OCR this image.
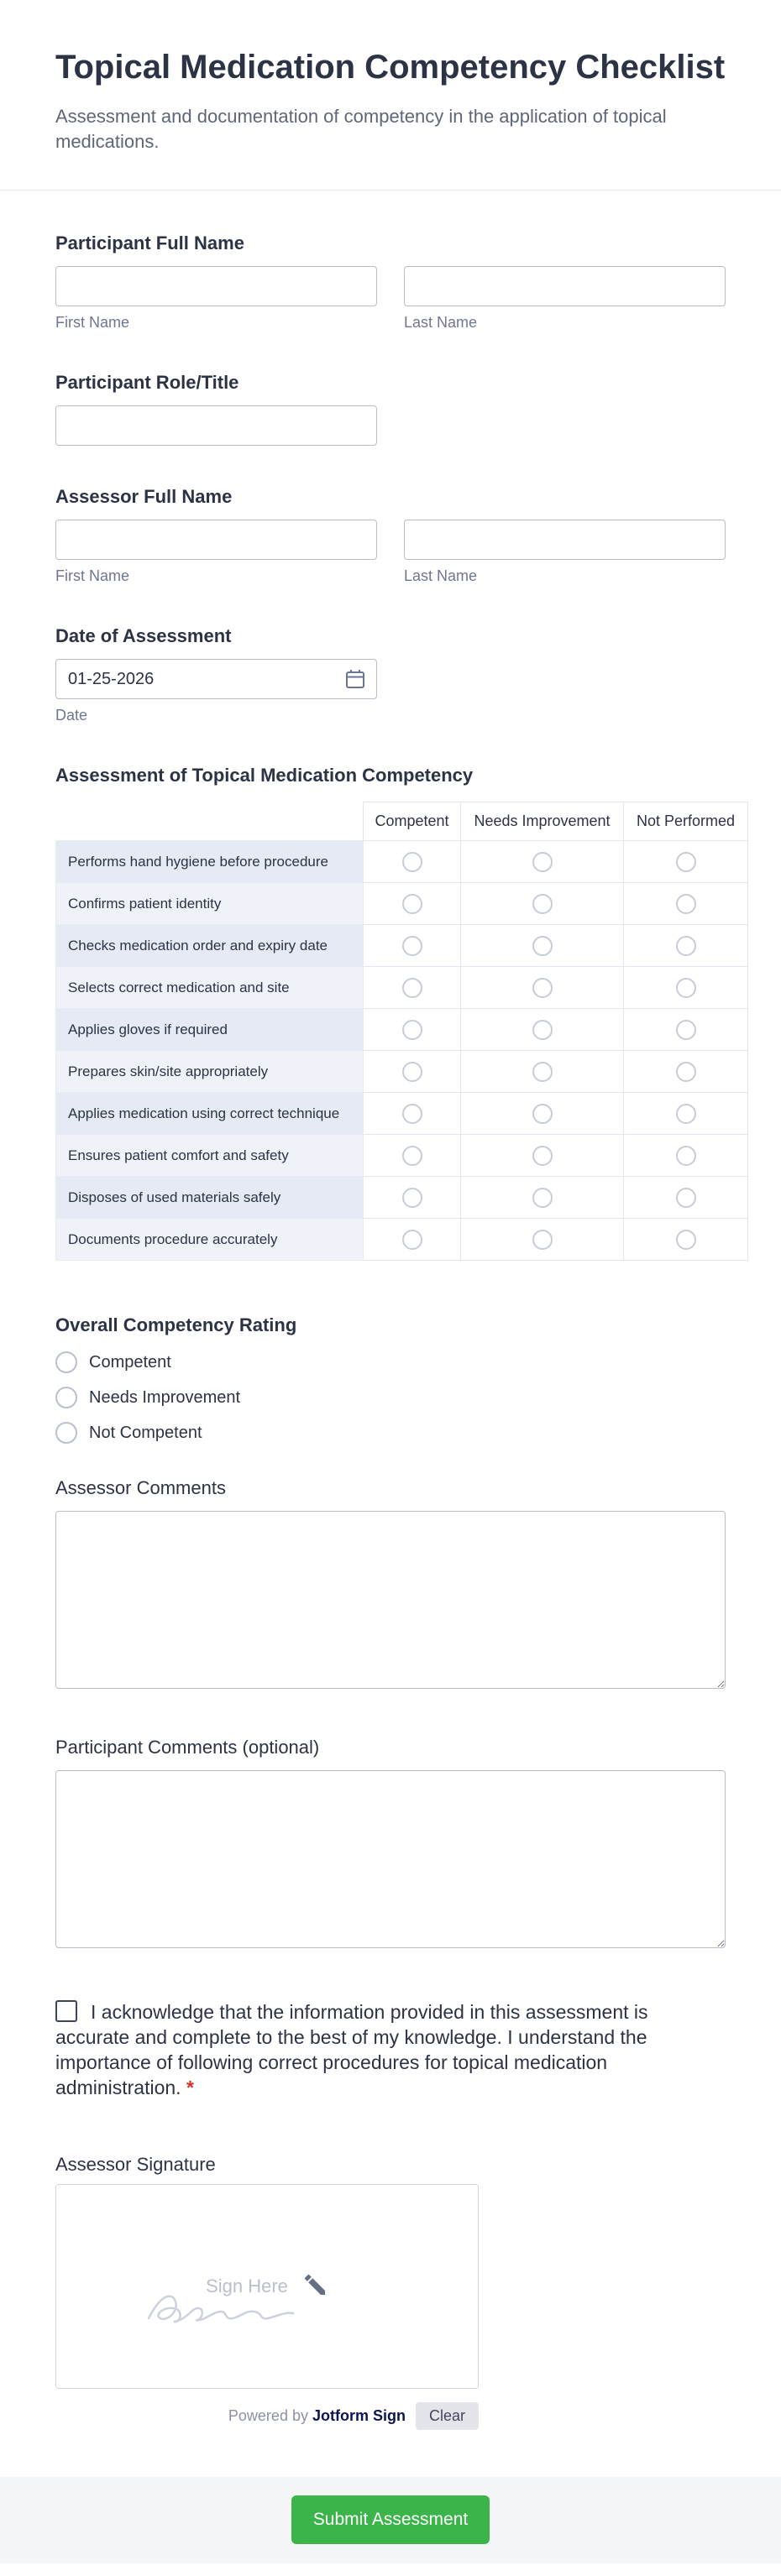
Topical Medication Competency Checklist

Assessment and documentation of competency in the application of topical medications.

Participant Full Name
First Name	Last Name
Participant Role/Title
Assessor Full Name
First Name	Last Name
Date of Assessment
01-25-2026
Date
Assessment of Topical Medication Competency
	Competent	Needs Improvement	Not Performed
Performs hand hygiene before procedure			
Confirms patient identity			
Checks medication order and expiry date			
Selects correct medication and site			
Applies gloves if required			
Prepares skin/site appropriately			
Applies medication using correct technique			
Ensures patient comfort and safety			
Disposes of used materials safely			
Documents procedure accurately			
Overall Competency Rating
Competent
Needs Improvement
Not Competent
Assessor Comments
Participant Comments (optional)
I acknowledge that the information provided in this assessment is accurate and complete to the best of my knowledge. I understand the importance of following correct procedures for topical medication administration. *
Assessor Signature
Sign Here
Powered by Jotform Sign	Clear
Submit Assessment
